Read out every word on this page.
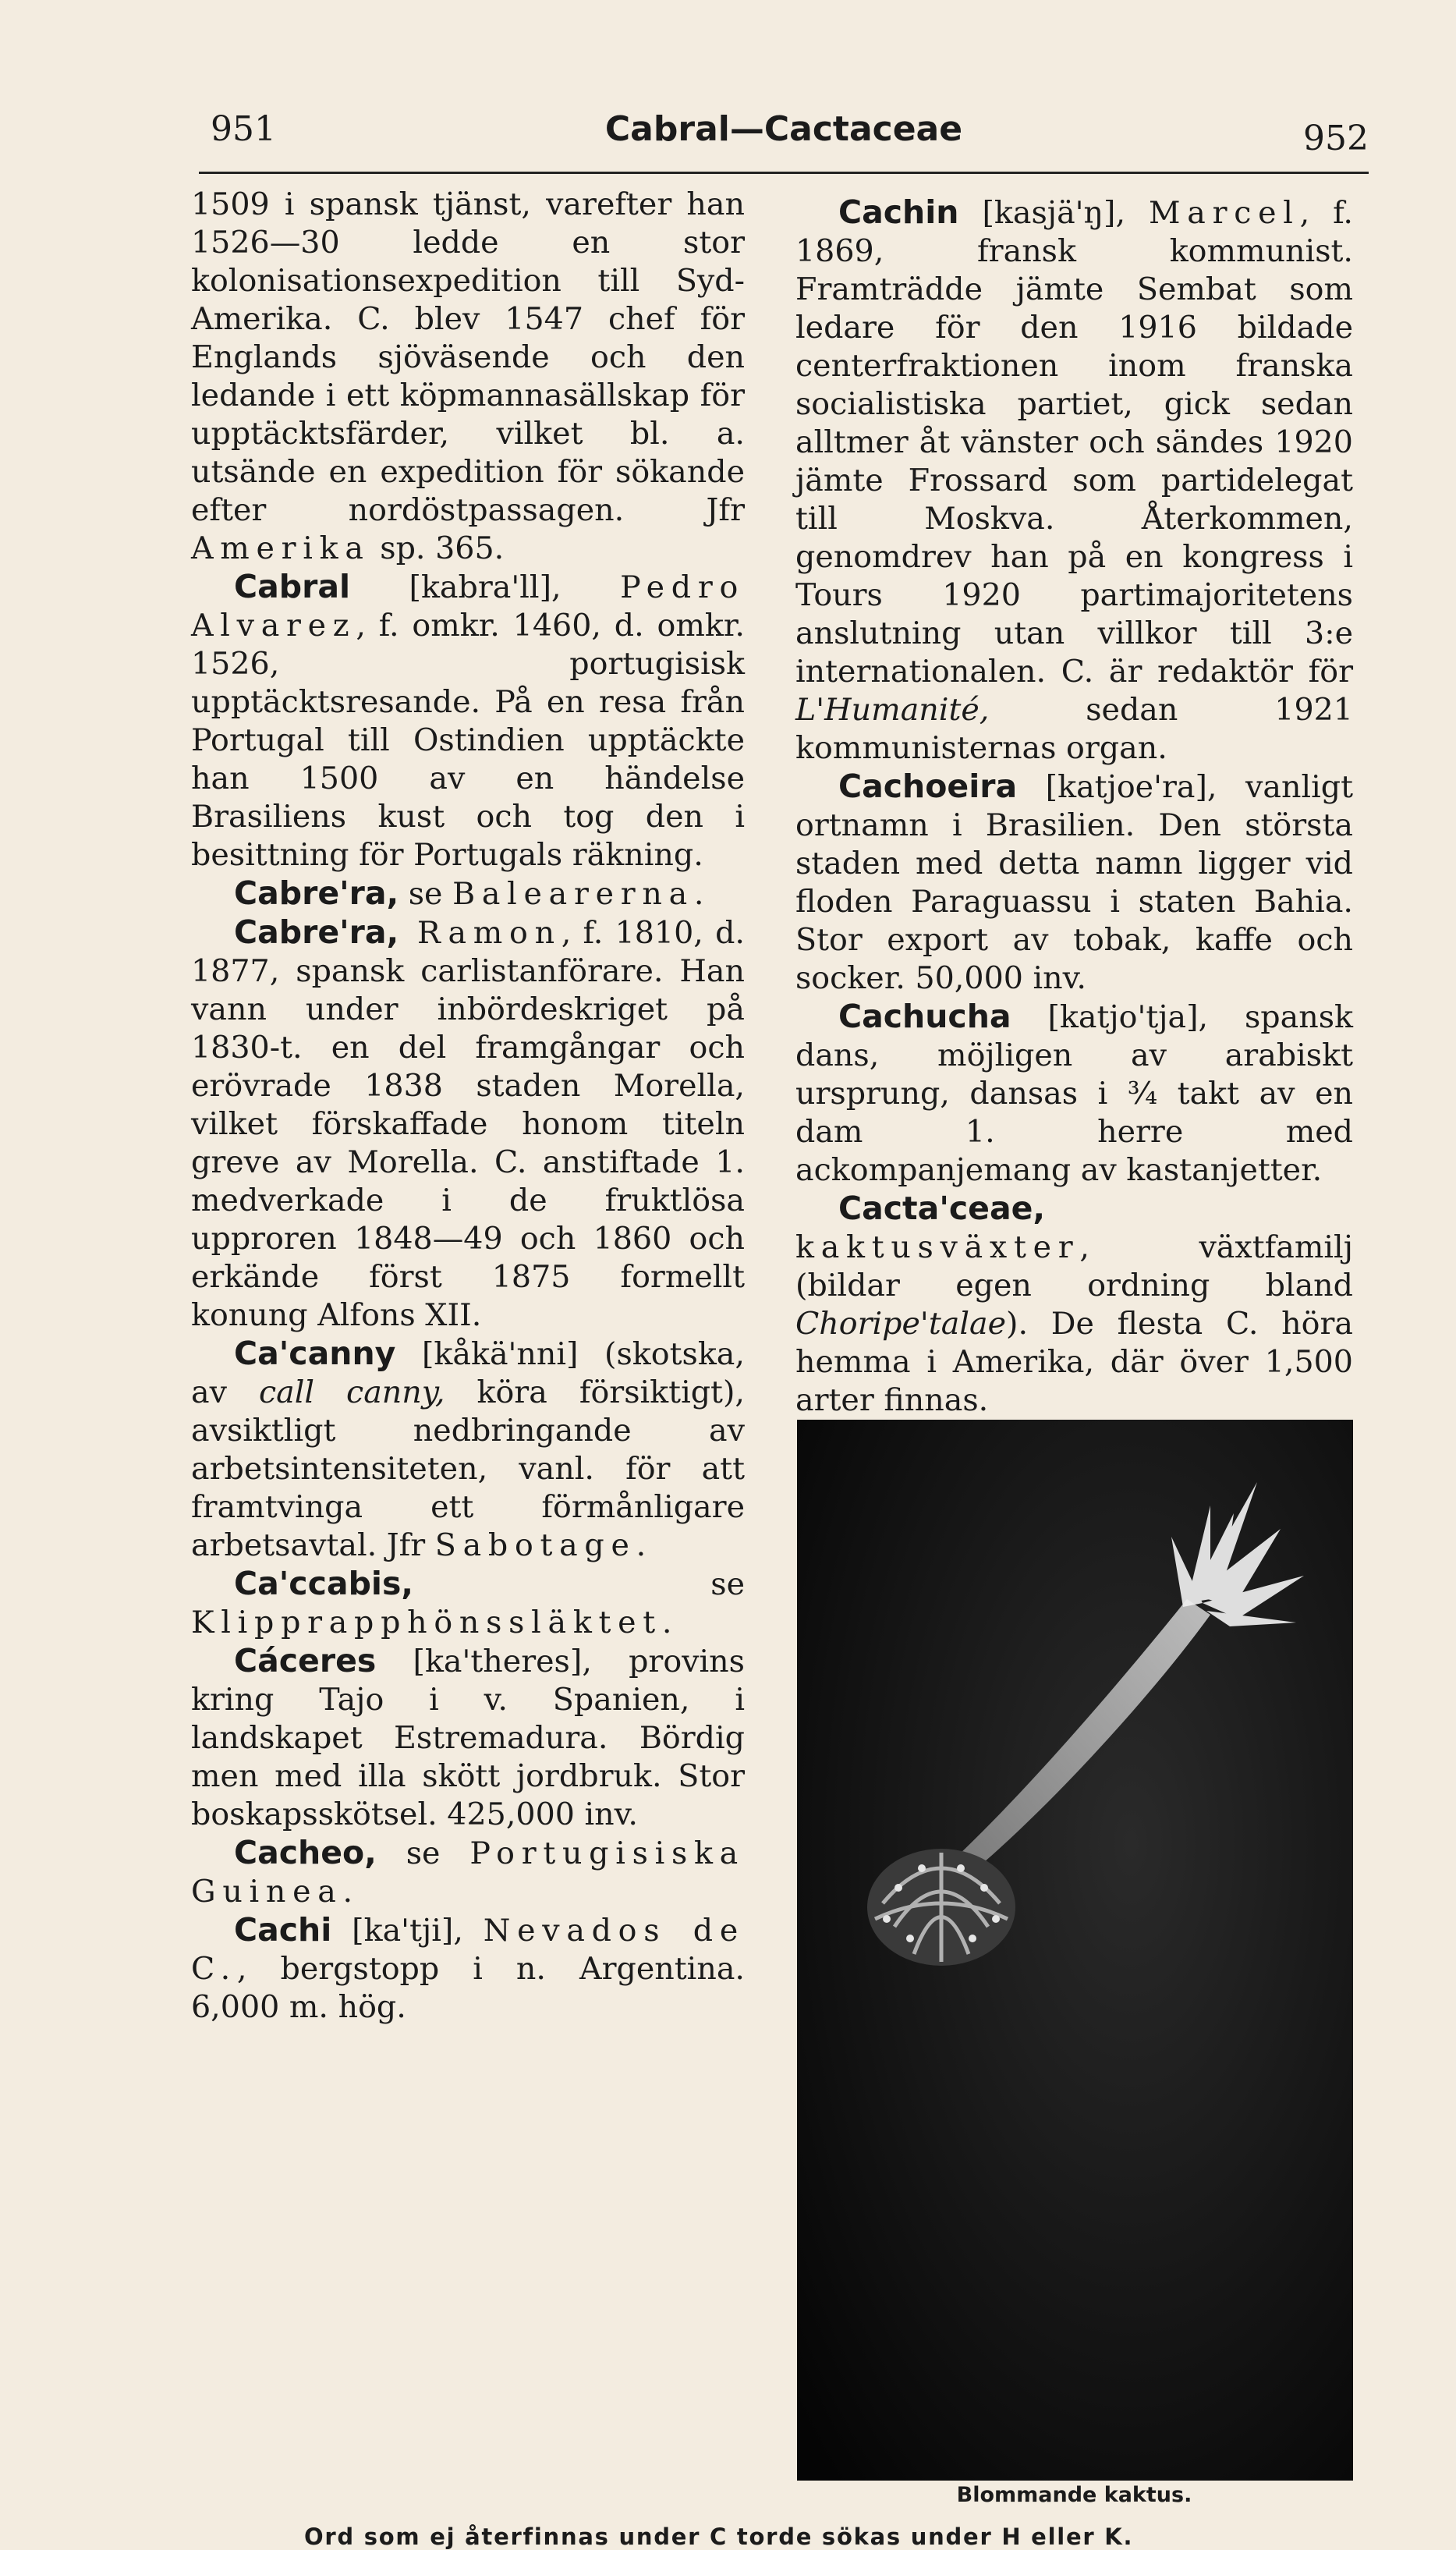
951	Cabral—Cactaceae	952

1509 i spansk tjänst, varefter han 1526—30 ledde en stor kolonisationsexpedition till Syd-Amerika. C. blev 1547 chef för Englands sjöväsende och den ledande i ett köpmannasällskap för upptäcktsfärder, vilket bl. a. utsände en expedition för sökande efter nordöstpassagen. Jfr Amerika sp. 365.

Cabral [kabra'll], Pedro Alvarez, f. omkr. 1460, d. omkr. 1526, portugisisk upptäcktsresande. På en resa från Portugal till Ostindien upptäckte han 1500 av en händelse Brasiliens kust och tog den i besittning för Portugals räkning.

Cabre'ra, se Balearerna.

Cabre'ra, Ramon, f. 1810, d. 1877, spansk carlistanförare. Han vann under inbördeskriget på 1830-t. en del framgångar och erövrade 1838 staden Morella, vilket förskaffade honom titeln greve av Morella. C. anstiftade 1. medverkade i de fruktlösa upproren 1848—49 och 1860 och erkände först 1875 formellt konung Alfons XII.

Ca'canny [kåkä'nni] (skotska, av call canny, köra försiktigt), avsiktligt nedbringande av arbetsintensiteten, vanl. för att framtvinga ett förmånligare arbetsavtal. Jfr Sabotage.

Ca'ccabis, se Klipprapphönssläktet.

Cáceres [ka'theres], provins kring Tajo i v. Spanien, i landskapet Estremadura. Bördig men med illa skött jordbruk. Stor boskapsskötsel. 425,000 inv.

Cacheo, se Portugisiska Guinea.

Cachi [ka'tji], Nevados de C., bergstopp i n. Argentina. 6,000 m. hög.

Cachin [kasjä'ŋ], Marcel, f. 1869, fransk kommunist. Framträdde jämte Sembat som ledare för den 1916 bildade centerfraktionen inom franska socialistiska partiet, gick sedan alltmer åt vänster och sändes 1920 jämte Frossard som partidelegat till Moskva. Återkommen, genomdrev han på en kongress i Tours 1920 partimajoritetens anslutning utan villkor till 3:e internationalen. C. är redaktör för L'Humanité, sedan 1921 kommunisternas organ.

Cachoeira [katjoe'ra], vanligt ortnamn i Brasilien. Den största staden med detta namn ligger vid floden Paraguassu i staten Bahia. Stor export av tobak, kaffe och socker. 50,000 inv.

Cachucha [katjo'tja], spansk dans, möjligen av arabiskt ursprung, dansas i ¾ takt av en dam 1. herre med ackompanjemang av kastanjetter.

Cacta'ceae, kaktusväxter, växtfamilj (bildar egen ordning bland Choripe'talae). De flesta C. höra hemma i Amerika, där över 1,500 arter finnas.

Blommande kaktus.
Ord som ej återfinnas under C torde sökas under H eller K.
